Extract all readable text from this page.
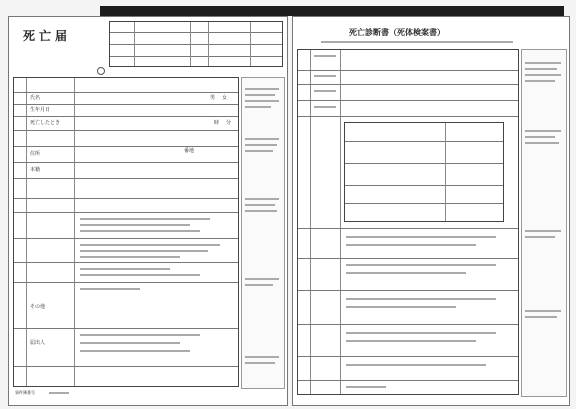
死亡届
氏名
生年月日
死亡したとき
住所
本籍
その他
届出人
男 女
時 分
番地
事件簿番号
死亡診断書（死体検案書）
